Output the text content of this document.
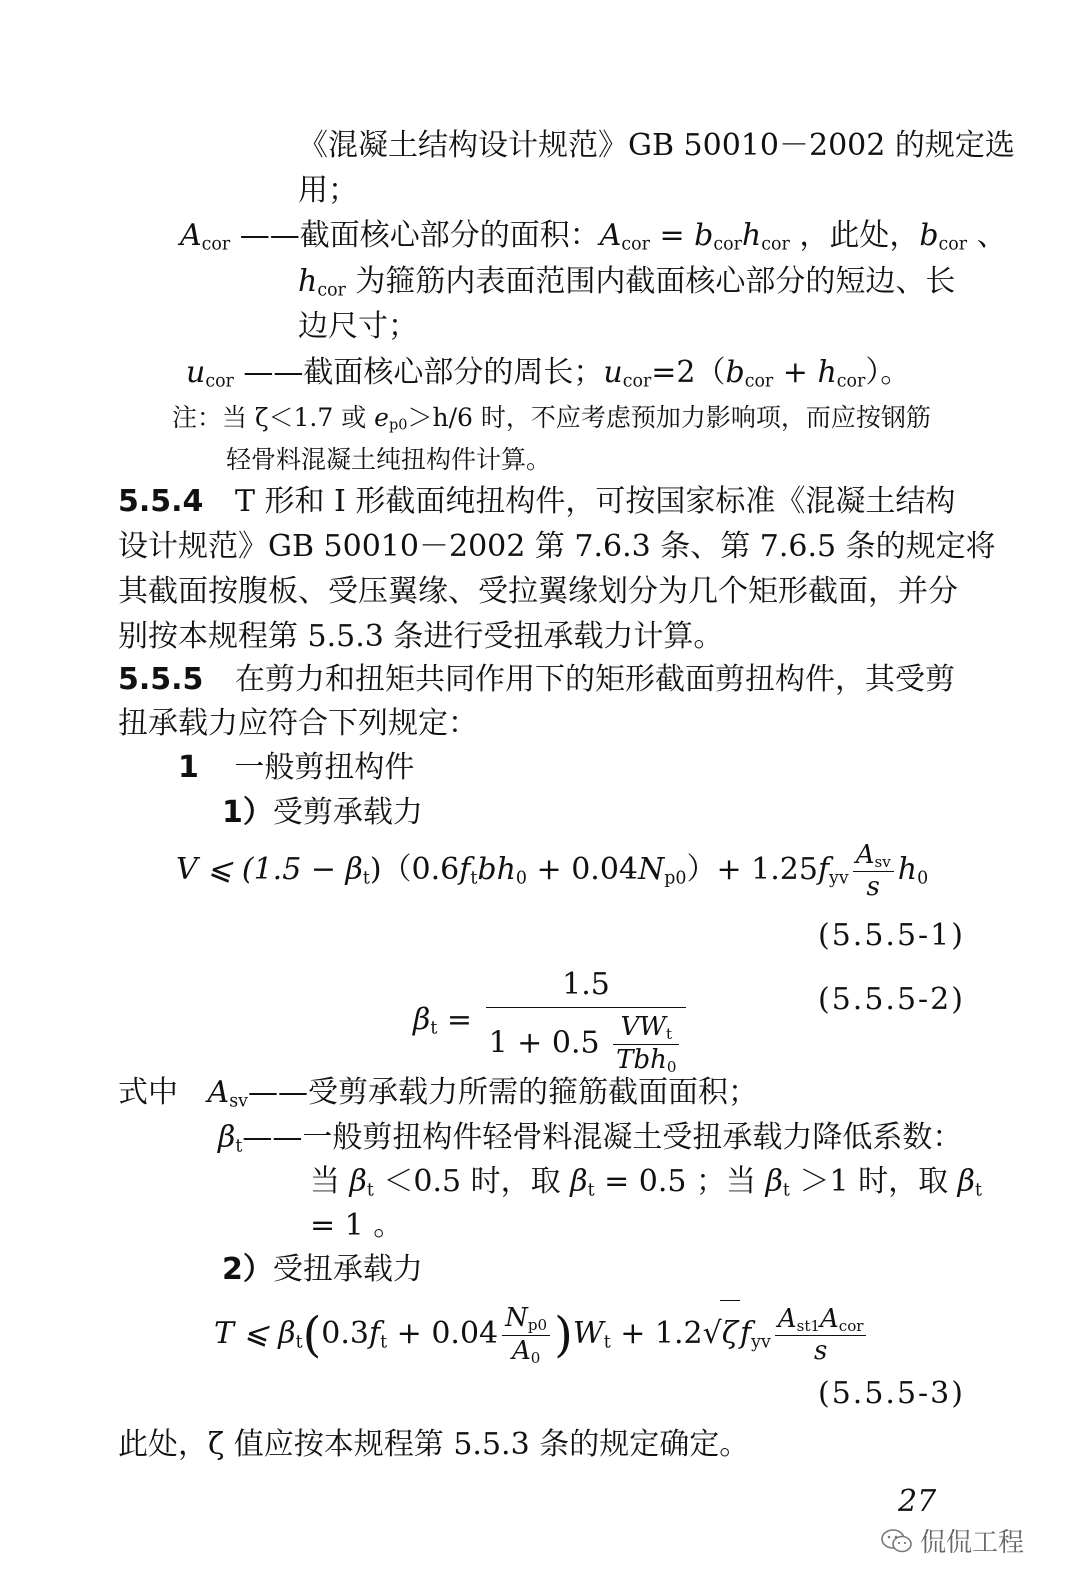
《混凝土结构设计规范》GB 50010－2002 的规定选
用；
$A_{cor}$ ——截面核心部分的面积：$A_{cor} = b_{cor}h_{cor}$ ，此处，$b_{cor}$ 、
$h_{cor}$ 为箍筋内表面范围内截面核心部分的短边、长
边尺寸；
$u_{cor}$ ——截面核心部分的周长；$u_{cor}=2(b_{cor} + h_{cor})$。
注：当 ζ＜1.7 或 $e_{p0}>h/6$ 时，不应考虑预加力影响项，而应按钢筋
轻骨料混凝土纯扭构件计算。
5.5.4 T 形和 I 形截面纯扭构件，可按国家标准《混凝土结构
设计规范》GB 50010－2002 第 7.6.3 条、第 7.6.5 条的规定将
其截面按腹板、受压翼缘、受拉翼缘划分为几个矩形截面，并分
别按本规程第 5.5.3 条进行受扭承载力计算。
5.5.5 在剪力和扭矩共同作用下的矩形截面剪扭构件，其受剪
扭承载力应符合下列规定：
1 一般剪扭构件
1）受剪承载力
V ⩽ $(1.5 - \beta_t)(0.6f_tbh_0 + 0.04N_{p0})+ 1.25f_{yv} \frac{A_{sv}}{s} h_0$
(5.5.5-1)
$\beta_t = \frac{1.5}{1 + 0.5 \frac{VW_t}{Tbh_0}}$	(5.5.5-2)
式中 $A_{sv}——$受剪承载力所需的箍筋截面面积；
$\beta_t——$一般剪扭构件轻骨料混凝土受扭承载力降低系数：
当 $\beta_t <0.5$ 时，取 $\beta_t = 0.5$ ；当 $\beta_t >1$ 时，取 $\beta_t$
= 1 。
2）受扭承载力
T ⩽ $\beta_t(0.3f_t + 0.04 \frac{N_{p0}}{A_0} )W_t + 1.2√\zeta f_{yv} \frac{A_{st1}A_{cor}}{s}$
(5.5.5-3)
此处，ζ 值应按本规程第 5.5.3 条的规定确定。
27
侃侃工程
